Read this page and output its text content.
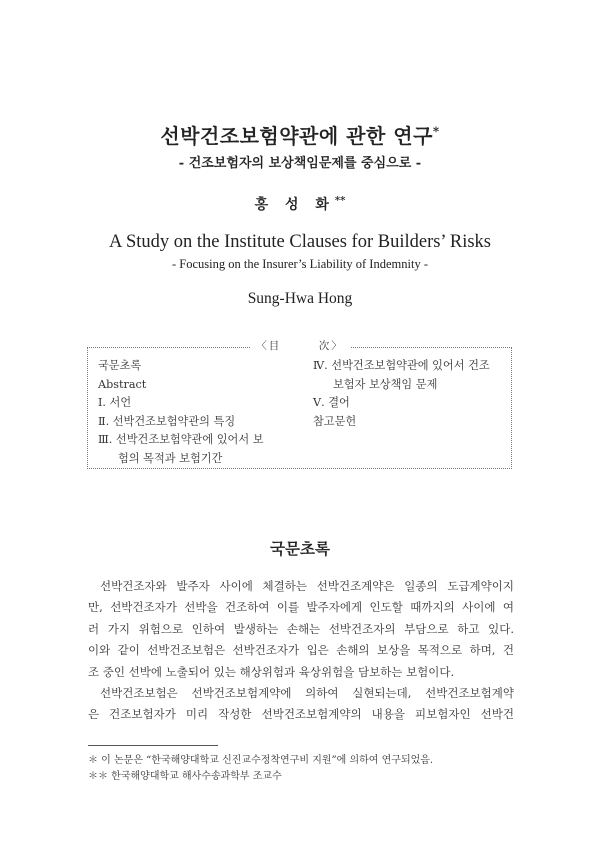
선박건조보험약관에 관한 연구*
- 건조보험자의 보상책임문제를 중심으로 -
홍 성 화**
A Study on the Institute Clauses for Builders’ Risks
- Focusing on the Insurer’s Liability of Indemnity -
Sung-Hwa Hong
〈目　　　次〉
국문초록
Abstract
Ⅰ. 서언
Ⅱ. 선박건조보험약관의 특징
Ⅲ. 선박건조보험약관에 있어서 보
험의 목적과 보험기간
Ⅳ. 선박건조보험약관에 있어서 건조
보험자 보상책임 문제
Ⅴ. 결어
참고문헌
국문초록
선박건조자와 발주자 사이에 체결하는 선박건조계약은 일종의 도급계약이지
만, 선박건조자가 선박을 건조하여 이를 발주자에게 인도할 때까지의 사이에 여
러 가지 위험으로 인하여 발생하는 손해는 선박건조자의 부담으로 하고 있다.
이와 같이 선박건조보험은 선박건조자가 입은 손해의 보상을 목적으로 하며, 건
조 중인 선박에 노출되어 있는 해상위험과 육상위험을 담보하는 보험이다.
선박건조보험은 선박건조보험계약에 의하여 실현되는데, 선박건조보험계약
은 건조보험자가 미리 작성한 선박건조보험계약의 내용을 피보험자인 선박건
＊ 이 논문은 “한국해양대학교 신진교수정착연구비 지원”에 의하여 연구되었음.
＊＊ 한국해양대학교 해사수송과학부 조교수
